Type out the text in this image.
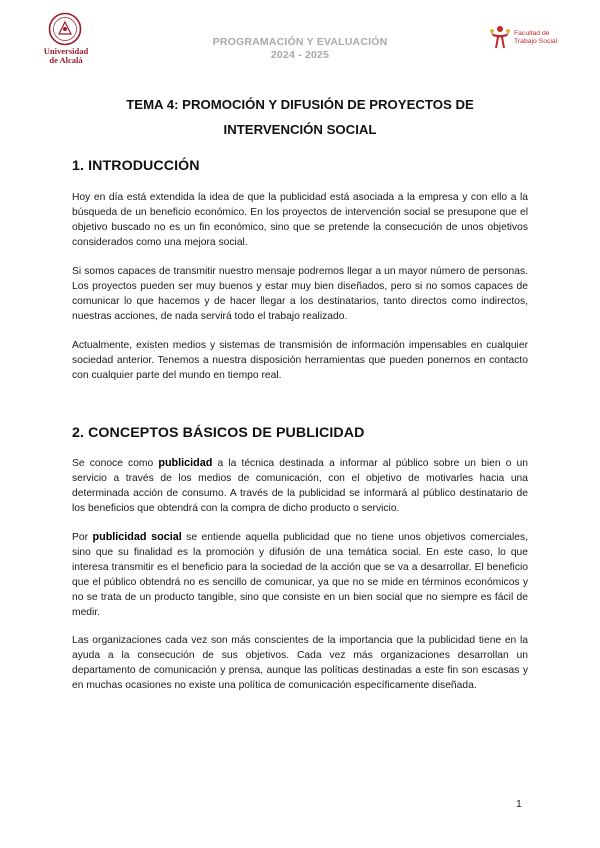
Universidad de Alcalá
PROGRAMACIÓN Y EVALUACIÓN
2024 - 2025
Facultad de
Trabajo Social
TEMA 4: PROMOCIÓN Y DIFUSIÓN DE PROYECTOS DE
INTERVENCIÓN SOCIAL
1. INTRODUCCIÓN

Hoy en día está extendida la idea de que la publicidad está asociada a la empresa y con ello a la búsqueda de un beneficio económico. En los proyectos de intervención social se presupone que el objetivo buscado no es un fin económico, sino que se pretende la consecución de unos objetivos considerados como una mejora social.

Si somos capaces de transmitir nuestro mensaje podremos llegar a un mayor número de personas. Los proyectos pueden ser muy buenos y estar muy bien diseñados, pero si no somos capaces de comunicar lo que hacemos y de hacer llegar a los destinatarios, tanto directos como indirectos, nuestras acciones, de nada servirá todo el trabajo realizado.

Actualmente, existen medios y sistemas de transmisión de información impensables en cualquier sociedad anterior. Tenemos a nuestra disposición herramientas que pueden ponernos en contacto con cualquier parte del mundo en tiempo real.

2. CONCEPTOS BÁSICOS DE PUBLICIDAD

Se conoce como publicidad a la técnica destinada a informar al público sobre un bien o un servicio a través de los medios de comunicación, con el objetivo de motivarles hacia una determinada acción de consumo. A través de la publicidad se informará al público destinatario de los beneficios que obtendrá con la compra de dicho producto o servicio.

Por publicidad social se entiende aquella publicidad que no tiene unos objetivos comerciales, sino que su finalidad es la promoción y difusión de una temática social. En este caso, lo que interesa transmitir es el beneficio para la sociedad de la acción que se va a desarrollar. El beneficio que el público obtendrá no es sencillo de comunicar, ya que no se mide en términos económicos y no se trata de un producto tangible, sino que consiste en un bien social que no siempre es fácil de medir.

Las organizaciones cada vez son más conscientes de la importancia que la publicidad tiene en la ayuda a la consecución de sus objetivos. Cada vez más organizaciones desarrollan un departamento de comunicación y prensa, aunque las políticas destinadas a este fin son escasas y en muchas ocasiones no existe una política de comunicación específicamente diseñada.

1
